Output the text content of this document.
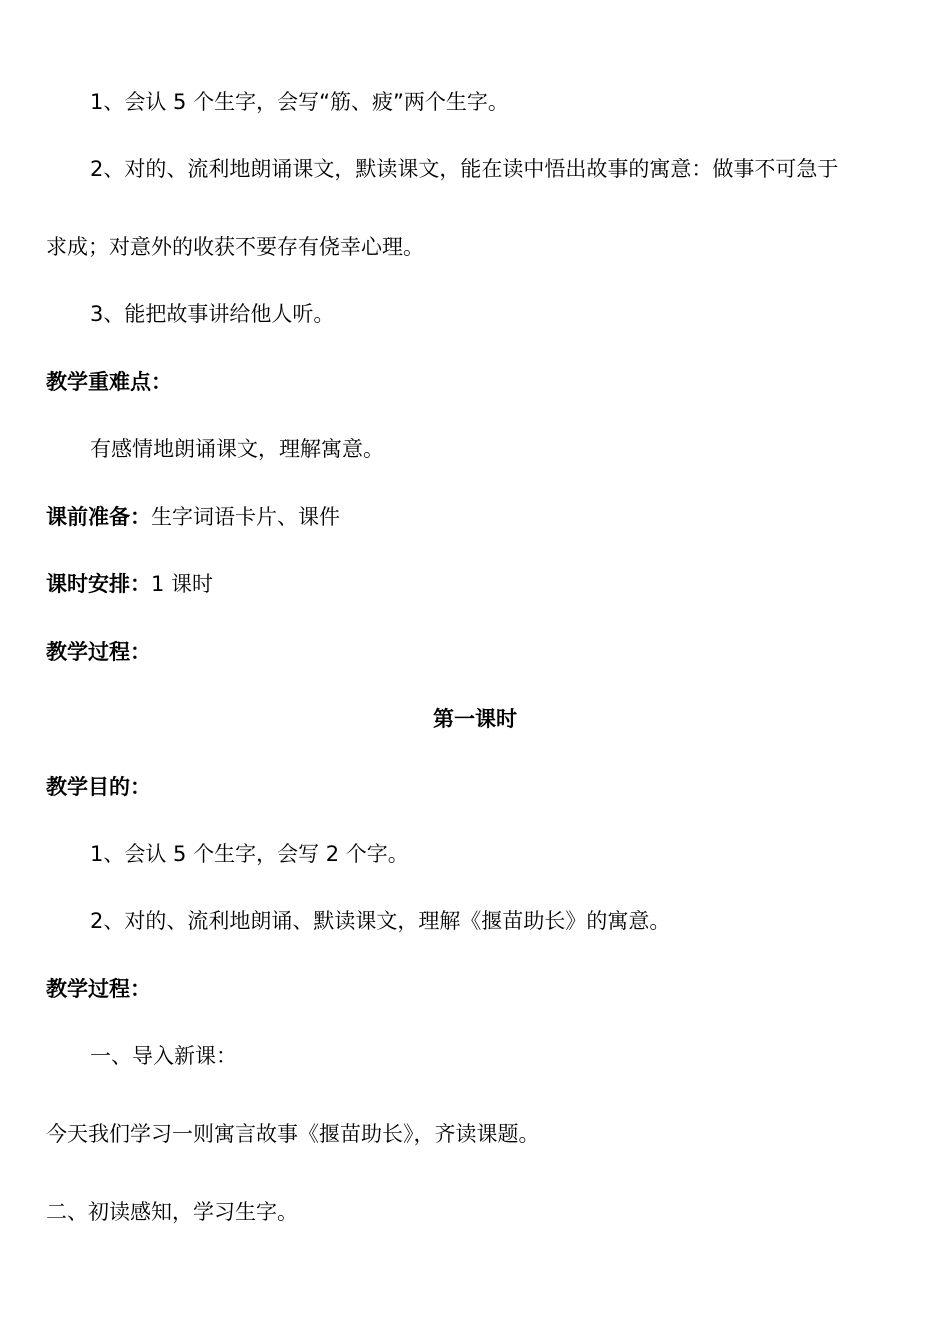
1、会认 5 个生字，会写“筋、疲”两个生字。
2、对的、流利地朗诵课文，默读课文，能在读中悟出故事的寓意：做事不可急于
求成；对意外的收获不要存有侥幸心理。
3、能把故事讲给他人听。
教学重难点：
有感情地朗诵课文，理解寓意。
课前准备：生字词语卡片、课件
课时安排：1 课时
教学过程：
第一课时
教学目的：
1、会认 5 个生字，会写 2 个字。
2、对的、流利地朗诵、默读课文，理解《揠苗助长》的寓意。
教学过程：
一、导入新课：
今天我们学习一则寓言故事《揠苗助长》，齐读课题。
二、初读感知，学习生字。
